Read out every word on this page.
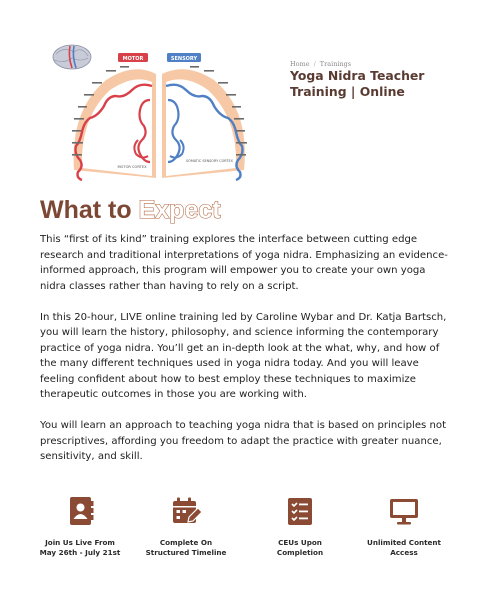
MOTOR	SENSORY
MOTOR CORTEX
SOMATIC SENSORY CORTEX
Home / Trainings
Yoga Nidra Teacher Training | Online
What to Expect

This “first of its kind” training explores the interface between cutting edge research and traditional interpretations of yoga nidra. Emphasizing an evidence-informed approach, this program will empower you to create your own yoga nidra classes rather than having to rely on a script.

In this 20-hour, LIVE online training led by Caroline Wybar and Dr. Katja Bartsch, you will learn the history, philosophy, and science informing the contemporary practice of yoga nidra. You’ll get an in-depth look at the what, why, and how of the many different techniques used in yoga nidra today. And you will leave feeling confident about how to best employ these techniques to maximize therapeutic outcomes in those you are working with.

You will learn an approach to teaching yoga nidra that is based on principles not prescriptives, affording you freedom to adapt the practice with greater nuance, sensitivity, and skill.

Join Us Live From
May 26th - July 21st
Complete On
Structured Timeline
CEUs Upon
Completion
Unlimited Content
Access
